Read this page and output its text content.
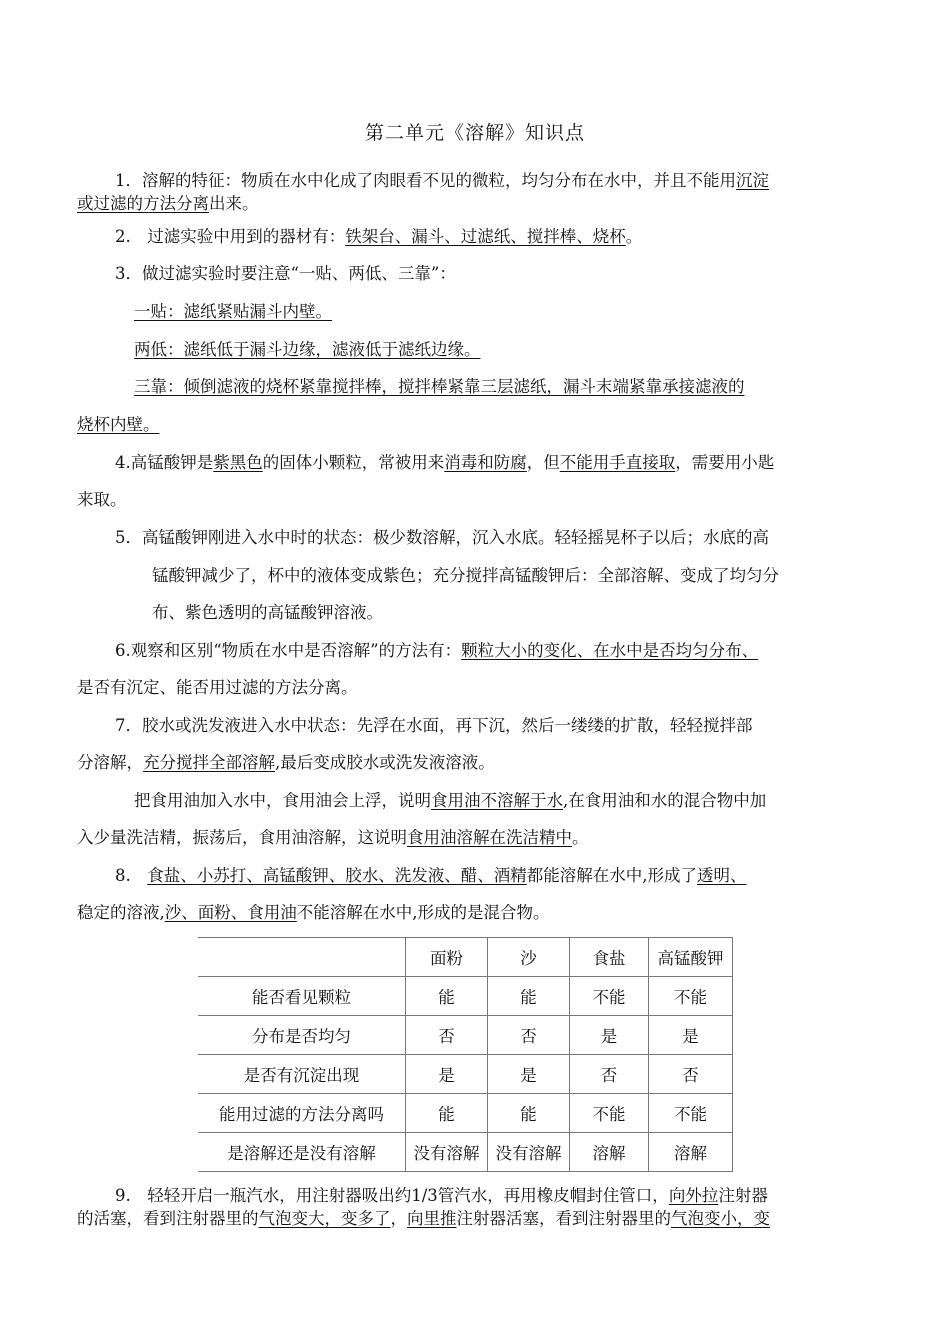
第二单元《溶解》知识点
1．溶解的特征：物质在水中化成了肉眼看不见的微粒，均匀分布在水中，并且不能用沉淀
或过滤的方法分离出来。
2.　过滤实验中用到的器材有：铁架台、漏斗、过滤纸、搅拌棒、烧杯。
3．做过滤实验时要注意“一贴、两低、三靠”：
一贴：滤纸紧贴漏斗内壁。
两低：滤纸低于漏斗边缘，滤液低于滤纸边缘。
三靠：倾倒滤液的烧杯紧靠搅拌棒，搅拌棒紧靠三层滤纸，漏斗末端紧靠承接滤液的
烧杯内壁。
4.高锰酸钾是紫黑色的固体小颗粒，常被用来消毒和防腐，但不能用手直接取，需要用小匙
来取。
5．高锰酸钾刚进入水中时的状态：极少数溶解，沉入水底。轻轻摇晃杯子以后；水底的高
锰酸钾减少了，杯中的液体变成紫色；充分搅拌高锰酸钾后：全部溶解、变成了均匀分
布、紫色透明的高锰酸钾溶液。
6.观察和区别“物质在水中是否溶解”的方法有：颗粒大小的变化、在水中是否均匀分布、
是否有沉定、能否用过滤的方法分离。
7．胶水或洗发液进入水中状态：先浮在水面，再下沉，然后一缕缕的扩散，轻轻搅拌部
分溶解，充分搅拌全部溶解,最后变成胶水或洗发液溶液。
把食用油加入水中，食用油会上浮，说明食用油不溶解于水,在食用油和水的混合物中加
入少量洗洁精，振荡后，食用油溶解，这说明食用油溶解在洗洁精中。
8.　食盐、小苏打、高锰酸钾、胶水、洗发液、醋、酒精都能溶解在水中,形成了透明、
稳定的溶液,沙、面粉、食用油不能溶解在水中,形成的是混合物。
	面粉	沙	食盐	高锰酸钾

能否看见颗粒	能	能	不能	不能
分布是否均匀	否	否	是	是
是否有沉淀出现	是	是	否	否
能用过滤的方法分离吗	能	能	不能	不能
是溶解还是没有溶解	没有溶解	没有溶解	溶解	溶解
9.　轻轻开启一瓶汽水，用注射器吸出约1/3管汽水，再用橡皮帽封住管口，向外拉注射器
的活塞，看到注射器里的气泡变大，变多了，向里推注射器活塞，看到注射器里的气泡变小，变
